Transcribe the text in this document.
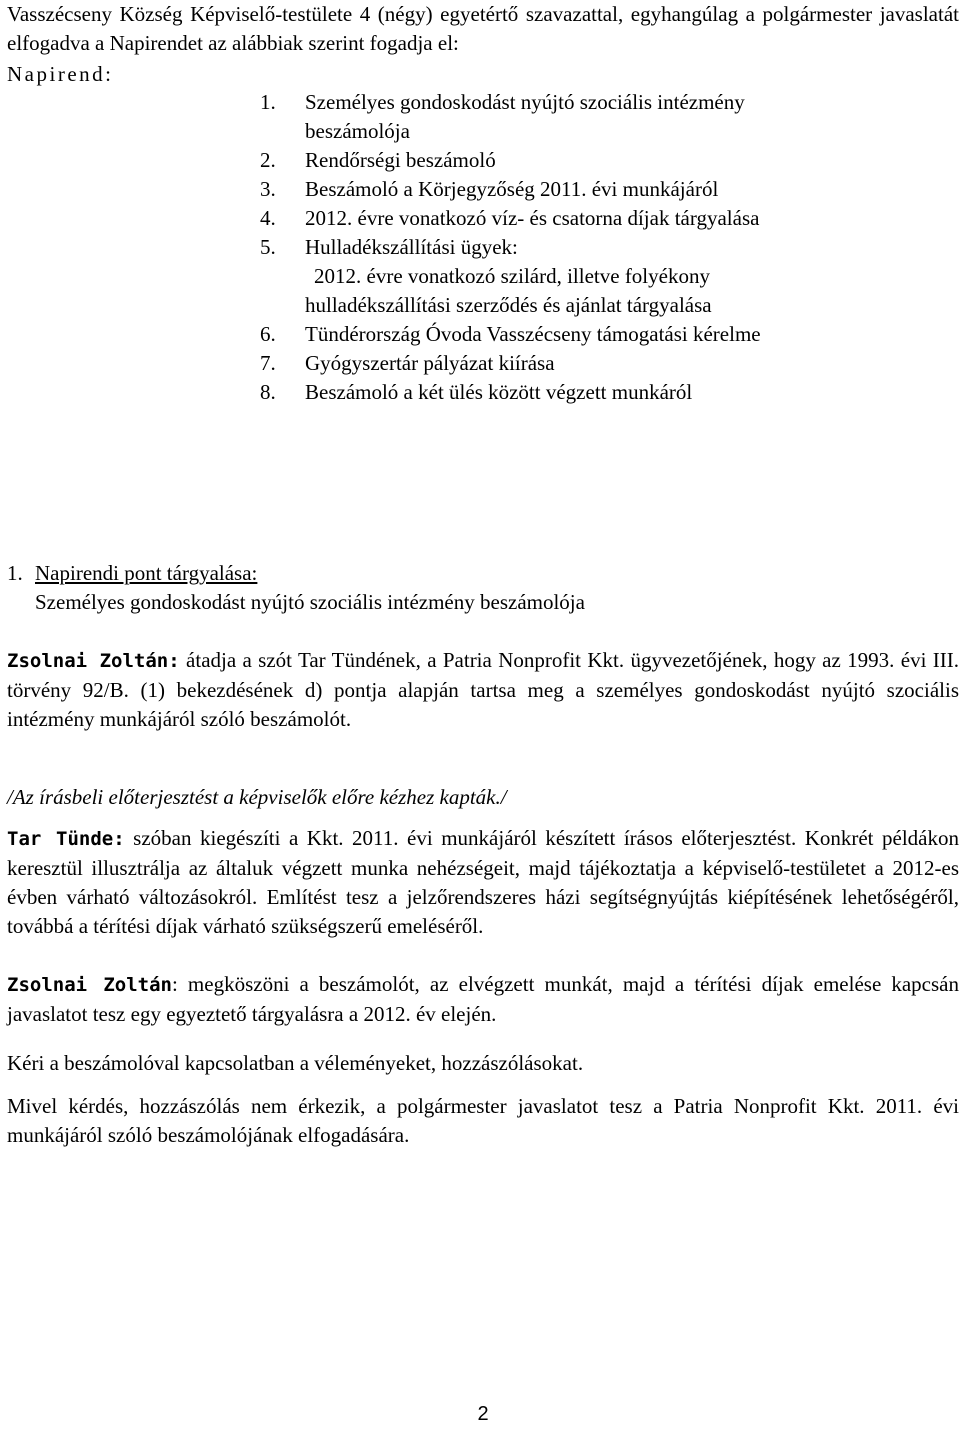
Vasszécseny Község Képviselő-testülete 4 (négy) egyetértő szavazattal, egyhangúlag a polgármester javaslatát elfogadva a Napirendet az alábbiak szerint fogadja el:

Napirend:
1. Személyes gondoskodást nyújtó szociális intézmény
beszámolója
2. Rendőrségi beszámoló
3. Beszámoló a Körjegyzőség 2011. évi munkájáról
4. 2012. évre vonatkozó víz- és csatorna díjak tárgyalása
5. Hulladékszállítási ügyek:
2012. évre vonatkozó szilárd, illetve folyékony
hulladékszállítási szerződés és ajánlat tárgyalása
6. Tündérország Óvoda Vasszécseny támogatási kérelme
7. Gyógyszertár pályázat kiírása
8. Beszámoló a két ülés között végzett munkáról
1. Napirendi pont tárgyalása:
Személyes gondoskodást nyújtó szociális intézmény beszámolója

Zsolnai Zoltán: átadja a szót Tar Tündének, a Patria Nonprofit Kkt. ügyvezetőjének, hogy az 1993. évi III. törvény 92/B. (1) bekezdésének d) pontja alapján tartsa meg a személyes gondoskodást nyújtó szociális intézmény munkájáról szóló beszámolót.

/Az írásbeli előterjesztést a képviselők előre kézhez kapták./

Tar Tünde: szóban kiegészíti a Kkt. 2011. évi munkájáról készített írásos előterjesztést. Konkrét példákon keresztül illusztrálja az általuk végzett munka nehézségeit, majd tájékoztatja a képviselő-testületet a 2012-es évben várható változásokról. Említést tesz a jelzőrendszeres házi segítségnyújtás kiépítésének lehetőségéről, továbbá a térítési díjak várható szükségszerű emeléséről.

Zsolnai Zoltán: megköszöni a beszámolót, az elvégzett munkát, majd a térítési díjak emelése kapcsán javaslatot tesz egy egyeztető tárgyalásra a 2012. év elején.

Kéri a beszámolóval kapcsolatban a véleményeket, hozzászólásokat.

Mivel kérdés, hozzászólás nem érkezik, a polgármester javaslatot tesz a Patria Nonprofit Kkt. 2011. évi munkájáról szóló beszámolójának elfogadására.

2
